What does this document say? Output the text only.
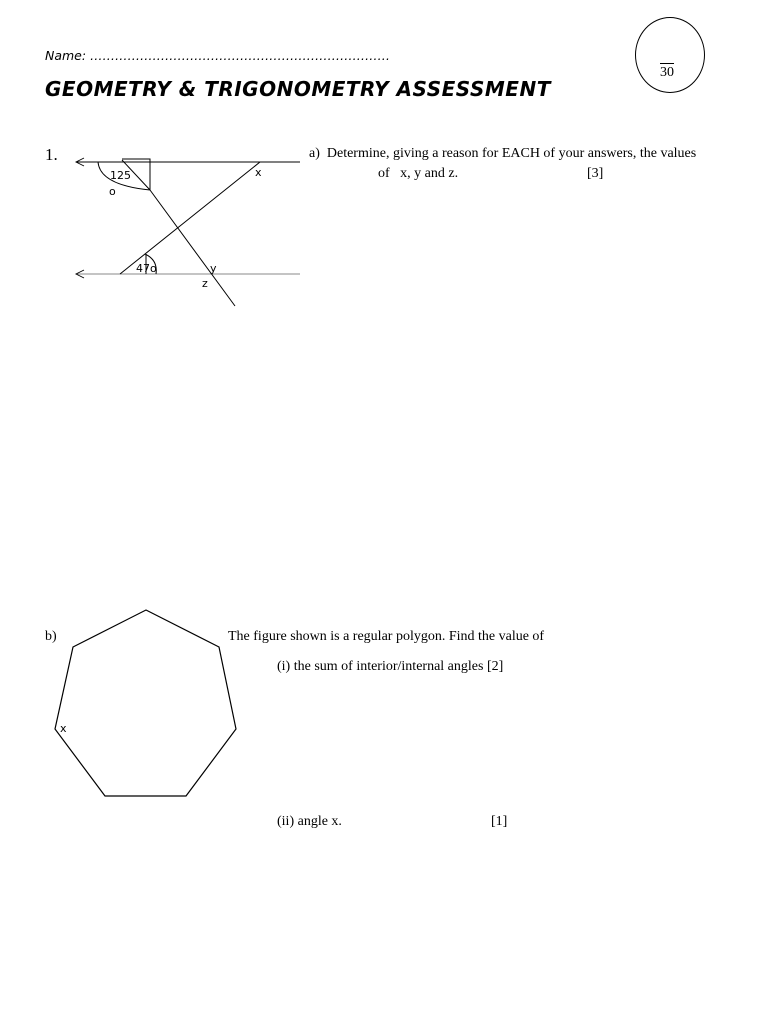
Name: ………………………………………………………………
GEOMETRY & TRIGONOMETRY ASSESSMENT
30
1.
125
o
47o
x
y
z
a)  Determine, giving a reason for EACH of your answers, the values
of   x, y and z.	[3]
b)
x
The figure shown is a regular polygon. Find the value of
(i) the sum of interior/internal angles [2]
(ii) angle x.	[1]
